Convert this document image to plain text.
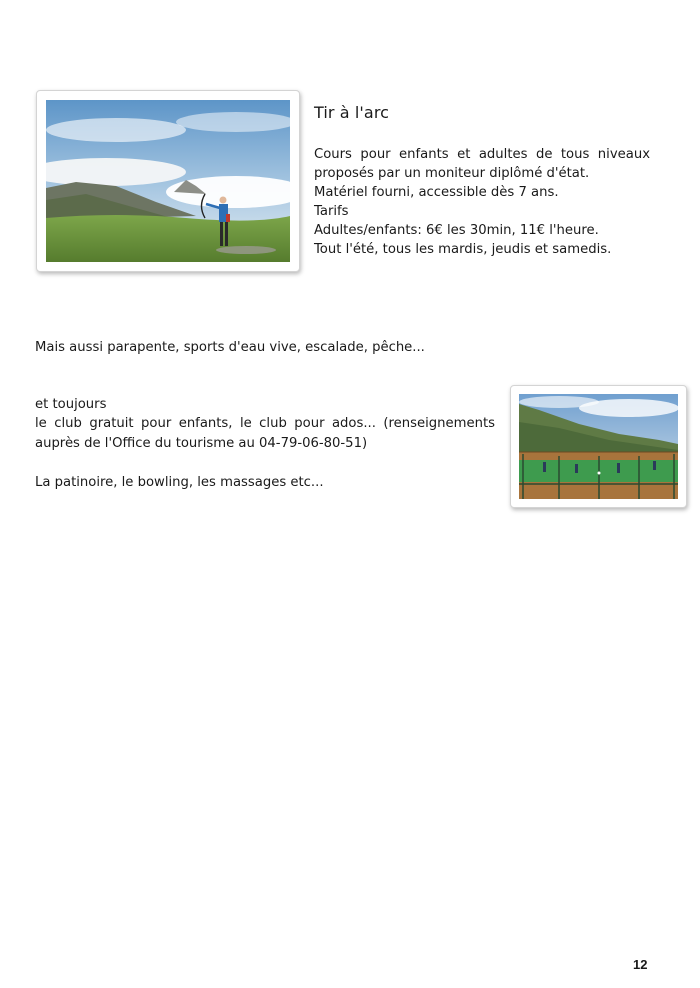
Tir à l'arc

Cours pour enfants et adultes de tous niveaux proposés par un moniteur diplômé d'état.

Matériel fourni, accessible dès 7 ans.

Tarifs

Adultes/enfants: 6€ les 30min, 11€ l'heure.

Tout l'été, tous les mardis, jeudis et samedis.

Mais aussi parapente, sports d'eau vive, escalade, pêche...

et toujours

le club gratuit pour enfants, le club pour ados... (renseignements auprès de l'Office du tourisme au 04-79-06-80-51)

La patinoire, le bowling, les massages etc...

12
